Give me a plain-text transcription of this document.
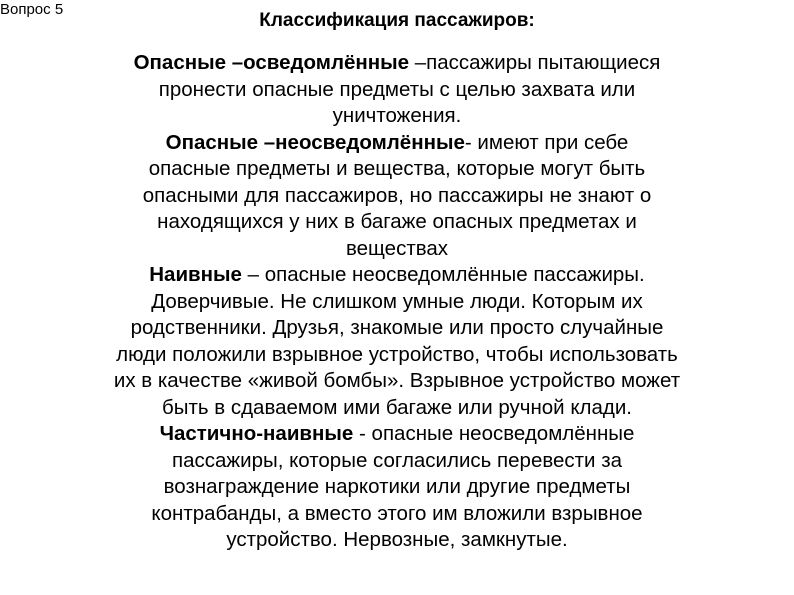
Вопрос 5
Классификация пассажиров:
Опасные –осведомлённые –пассажиры пытающиеся
пронести опасные предметы с целью захвата или
уничтожения.
Опасные –неосведомлённые- имеют при себе
опасные предметы и вещества, которые могут быть
опасными для пассажиров, но пассажиры не знают о
находящихся у них в багаже опасных предметах и
веществах
Наивные – опасные неосведомлённые пассажиры.
Доверчивые. Не слишком умные люди. Которым их
родственники. Друзья, знакомые или просто случайные
люди положили взрывное устройство, чтобы использовать
их в качестве «живой бомбы». Взрывное устройство может
быть в сдаваемом ими багаже или ручной клади.
Частично-наивные - опасные неосведомлённые
пассажиры, которые согласились перевести за
вознаграждение наркотики или другие предметы
контрабанды, а вместо этого им вложили взрывное
устройство. Нервозные, замкнутые.
